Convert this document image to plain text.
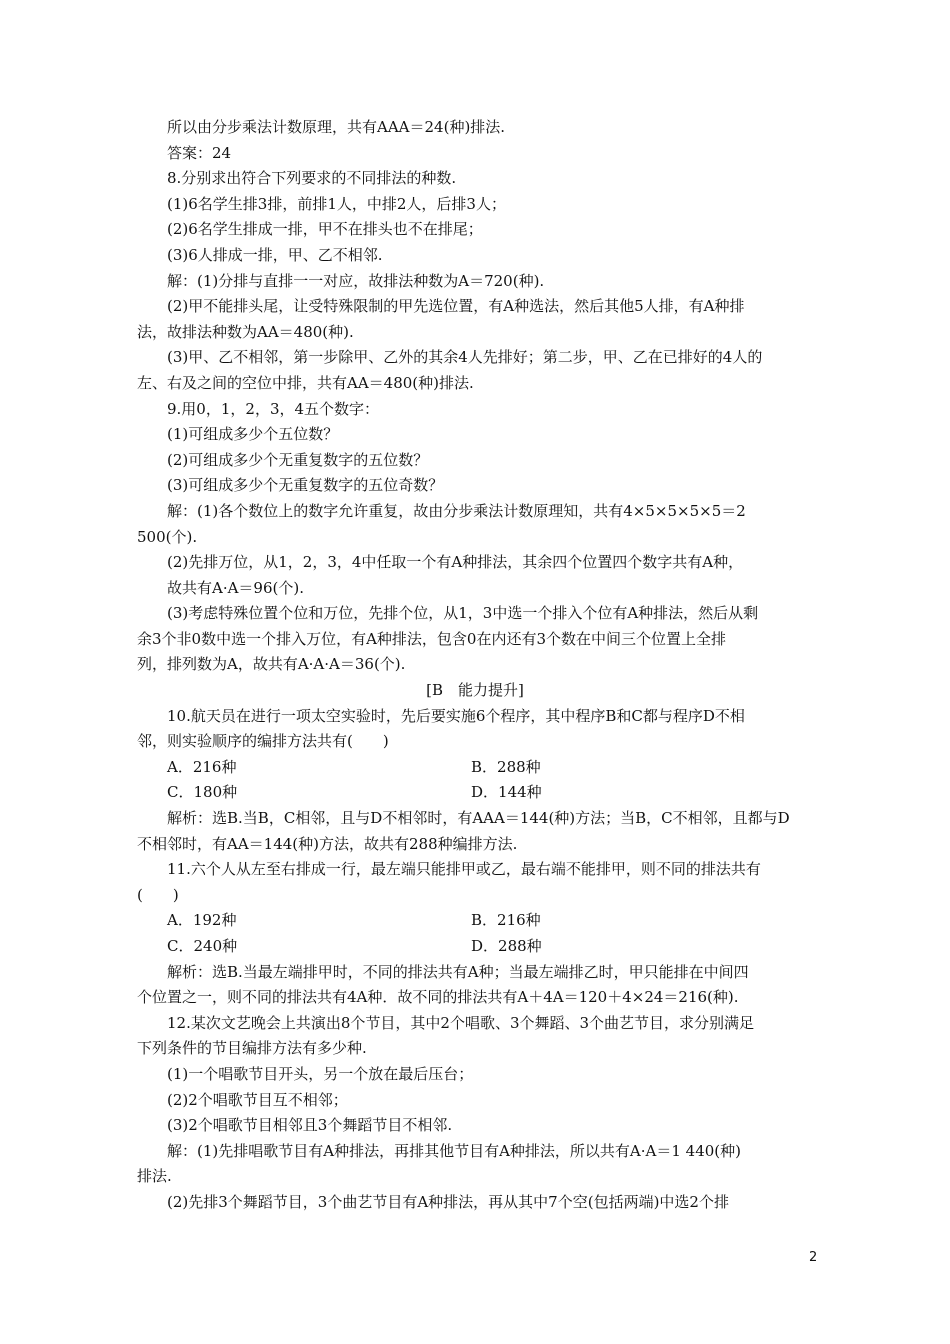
所以由分步乘法计数原理，共有AAA＝24(种)排法.
答案：24
8.分别求出符合下列要求的不同排法的种数.
(1)6名学生排3排，前排1人，中排2人，后排3人；
(2)6名学生排成一排，甲不在排头也不在排尾；
(3)6人排成一排，甲、乙不相邻.
解：(1)分排与直排一一对应，故排法种数为A＝720(种).
(2)甲不能排头尾，让受特殊限制的甲先选位置，有A种选法，然后其他5人排，有A种排
法，故排法种数为AA＝480(种).
(3)甲、乙不相邻，第一步除甲、乙外的其余4人先排好；第二步，甲、乙在已排好的4人的
左、右及之间的空位中排，共有AA＝480(种)排法.
9.用0，1，2，3，4五个数字：
(1)可组成多少个五位数？
(2)可组成多少个无重复数字的五位数？
(3)可组成多少个无重复数字的五位奇数？
解：(1)各个数位上的数字允许重复，故由分步乘法计数原理知，共有4×5×5×5×5＝2
500(个).
(2)先排万位，从1，2，3，4中任取一个有A种排法，其余四个位置四个数字共有A种，
故共有A·A＝96(个).
(3)考虑特殊位置个位和万位，先排个位，从1，3中选一个排入个位有A种排法，然后从剩
余3个非0数中选一个排入万位，有A种排法，包含0在内还有3个数在中间三个位置上全排
列，排列数为A，故共有A·A·A＝36(个).
[B　能力提升]
10.航天员在进行一项太空实验时，先后要实施6个程序，其中程序B和C都与程序D不相
邻，则实验顺序的编排方法共有(　　)
A．216种	B．288种
C．180种	D．144种
解析：选B.当B，C相邻，且与D不相邻时，有AAA＝144(种)方法；当B，C不相邻，且都与D
不相邻时，有AA＝144(种)方法，故共有288种编排方法.
11.六个人从左至右排成一行，最左端只能排甲或乙，最右端不能排甲，则不同的排法共有
(　　)
A．192种	B．216种
C．240种	D．288种
解析：选B.当最左端排甲时，不同的排法共有A种；当最左端排乙时，甲只能排在中间四
个位置之一，则不同的排法共有4A种．故不同的排法共有A＋4A＝120＋4×24＝216(种).
12.某次文艺晚会上共演出8个节目，其中2个唱歌、3个舞蹈、3个曲艺节目，求分别满足
下列条件的节目编排方法有多少种.
(1)一个唱歌节目开头，另一个放在最后压台；
(2)2个唱歌节目互不相邻；
(3)2个唱歌节目相邻且3个舞蹈节目不相邻.
解：(1)先排唱歌节目有A种排法，再排其他节目有A种排法，所以共有A·A＝1 440(种)
排法.
(2)先排3个舞蹈节目，3个曲艺节目有A种排法，再从其中7个空(包括两端)中选2个排
2
